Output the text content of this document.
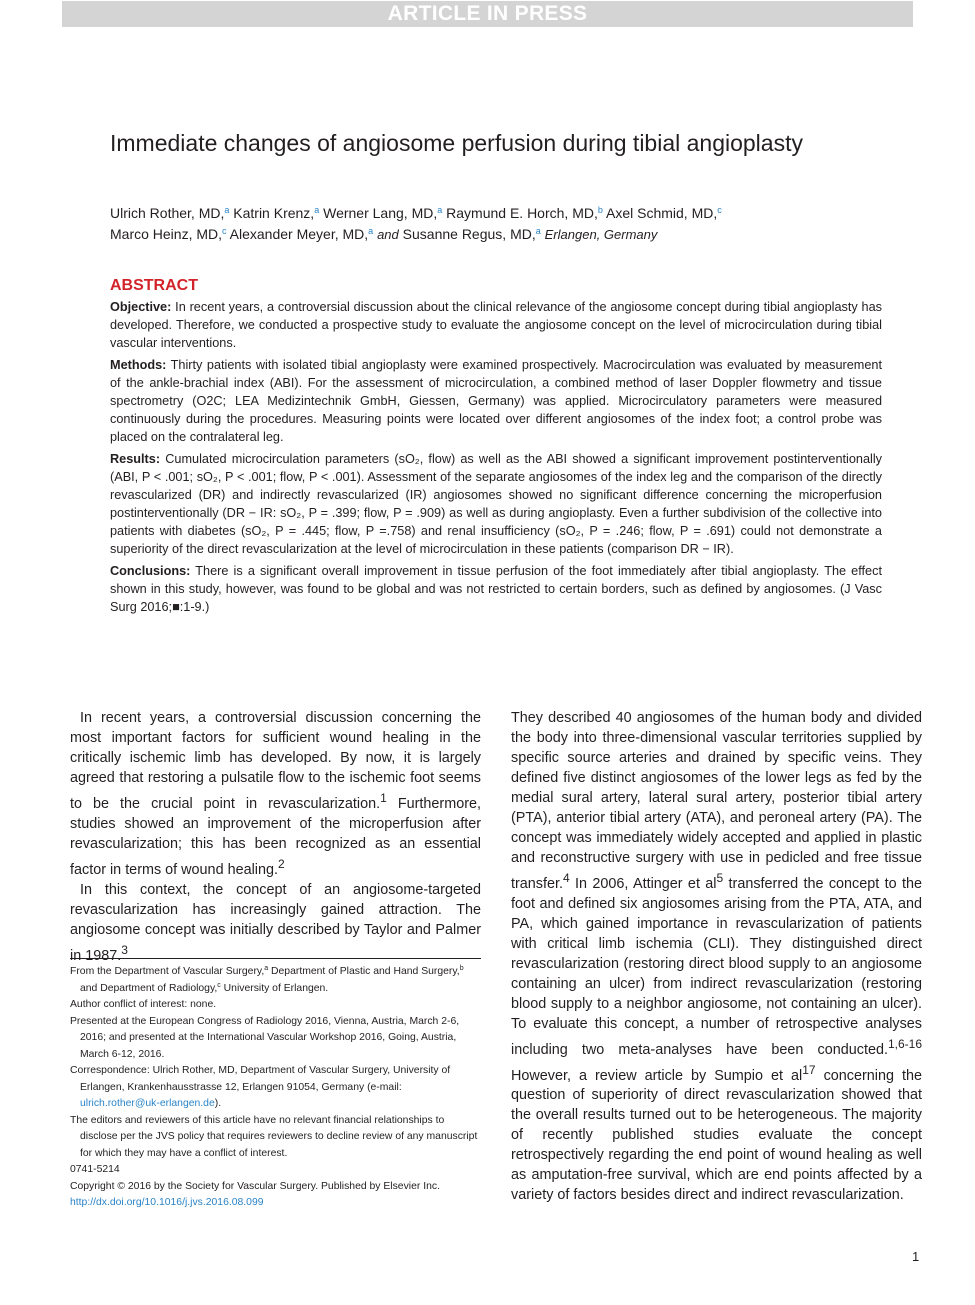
ARTICLE IN PRESS
Immediate changes of angiosome perfusion during tibial angioplasty
Ulrich Rother, MD,$^a$ Katrin Krenz,$^a$ Werner Lang, MD,$^a$ Raymund E. Horch, MD,$^b$ Axel Schmid, MD,$^c$
Marco Heinz, MD,$^c$ Alexander Meyer, MD,$^a$ and Susanne Regus, MD,$^a$ Erlangen, Germany
ABSTRACT

Objective: In recent years, a controversial discussion about the clinical relevance of the angiosome concept during tibial angioplasty has developed. Therefore, we conducted a prospective study to evaluate the angiosome concept on the level of microcirculation during tibial vascular interventions.

Methods: Thirty patients with isolated tibial angioplasty were examined prospectively. Macrocirculation was evaluated by measurement of the ankle-brachial index (ABI). For the assessment of microcirculation, a combined method of laser Doppler flowmetry and tissue spectrometry (O2C; LEA Medizintechnik GmbH, Giessen, Germany) was applied. Microcirculatory parameters were measured continuously during the procedures. Measuring points were located over different angiosomes of the index foot; a control probe was placed on the contralateral leg.

Results: Cumulated microcirculation parameters (sO₂, flow) as well as the ABI showed a significant improvement postinterventionally (ABI, P < .001; sO₂, P < .001; flow, P < .001). Assessment of the separate angiosomes of the index leg and the comparison of the directly revascularized (DR) and indirectly revascularized (IR) angiosomes showed no significant difference concerning the microperfusion postinterventionally (DR − IR: sO₂, P = .399; flow, P = .909) as well as during angioplasty. Even a further subdivision of the collective into patients with diabetes (sO₂, P = .445; flow, P =.758) and renal insufficiency (sO₂, P = .246; flow, P = .691) could not demonstrate a superiority of the direct revascularization at the level of microcirculation in these patients (comparison DR − IR).

Conclusions: There is a significant overall improvement in tissue perfusion of the foot immediately after tibial angioplasty. The effect shown in this study, however, was found to be global and was not restricted to certain borders, such as defined by angiosomes. (J Vasc Surg 2016;■:1-9.)

In recent years, a controversial discussion concerning the most important factors for sufficient wound healing in the critically ischemic limb has developed. By now, it is largely agreed that restoring a pulsatile flow to the ischemic foot seems to be the crucial point in revascularization.$^1$ Furthermore, studies showed an improvement of the microperfusion after revascularization; this has been recognized as an essential factor in terms of wound healing.$^2$

In this context, the concept of an angiosome-targeted revascularization has increasingly gained attraction. The angiosome concept was initially described by Taylor and Palmer in 1987.$^3$

From the Department of Vascular Surgery,$^a$ Department of Plastic and Hand Surgery,$^b$ and Department of Radiology,$^c$ University of Erlangen.

Author conflict of interest: none.

Presented at the European Congress of Radiology 2016, Vienna, Austria, March 2-6, 2016; and presented at the International Vascular Workshop 2016, Going, Austria, March 6-12, 2016.

Correspondence: Ulrich Rother, MD, Department of Vascular Surgery, University of Erlangen, Krankenhausstrasse 12, Erlangen 91054, Germany (e-mail: ulrich.rother@uk-erlangen.de).

The editors and reviewers of this article have no relevant financial relationships to disclose per the JVS policy that requires reviewers to decline review of any manuscript for which they may have a conflict of interest.

0741-5214

Copyright © 2016 by the Society for Vascular Surgery. Published by Elsevier Inc.

http://dx.doi.org/10.1016/j.jvs.2016.08.099

They described 40 angiosomes of the human body and divided the body into three-dimensional vascular territories supplied by specific source arteries and drained by specific veins. They defined five distinct angiosomes of the lower legs as fed by the medial sural artery, lateral sural artery, posterior tibial artery (PTA), anterior tibial artery (ATA), and peroneal artery (PA). The concept was immediately widely accepted and applied in plastic and reconstructive surgery with use in pedicled and free tissue transfer.$^4$ In 2006, Attinger et $al^5$ transferred the concept to the foot and defined six angiosomes arising from the PTA, ATA, and PA, which gained importance in revascularization of patients with critical limb ischemia (CLI). They distinguished direct revascularization (restoring direct blood supply to an angiosome containing an ulcer) from indirect revascularization (restoring blood supply to a neighbor angiosome, not containing an ulcer). To evaluate this concept, a number of retrospective analyses including two meta-analyses have been conducted.$^{1,6-16}$ However, a review article by Sumpio et $al^{17}$ concerning the question of superiority of direct revascularization showed that the overall results turned out to be heterogeneous. The majority of recently published studies evaluate the concept retrospectively regarding the end point of wound healing as well as amputation-free survival, which are end points affected by a variety of factors besides direct and indirect revascularization.

1
